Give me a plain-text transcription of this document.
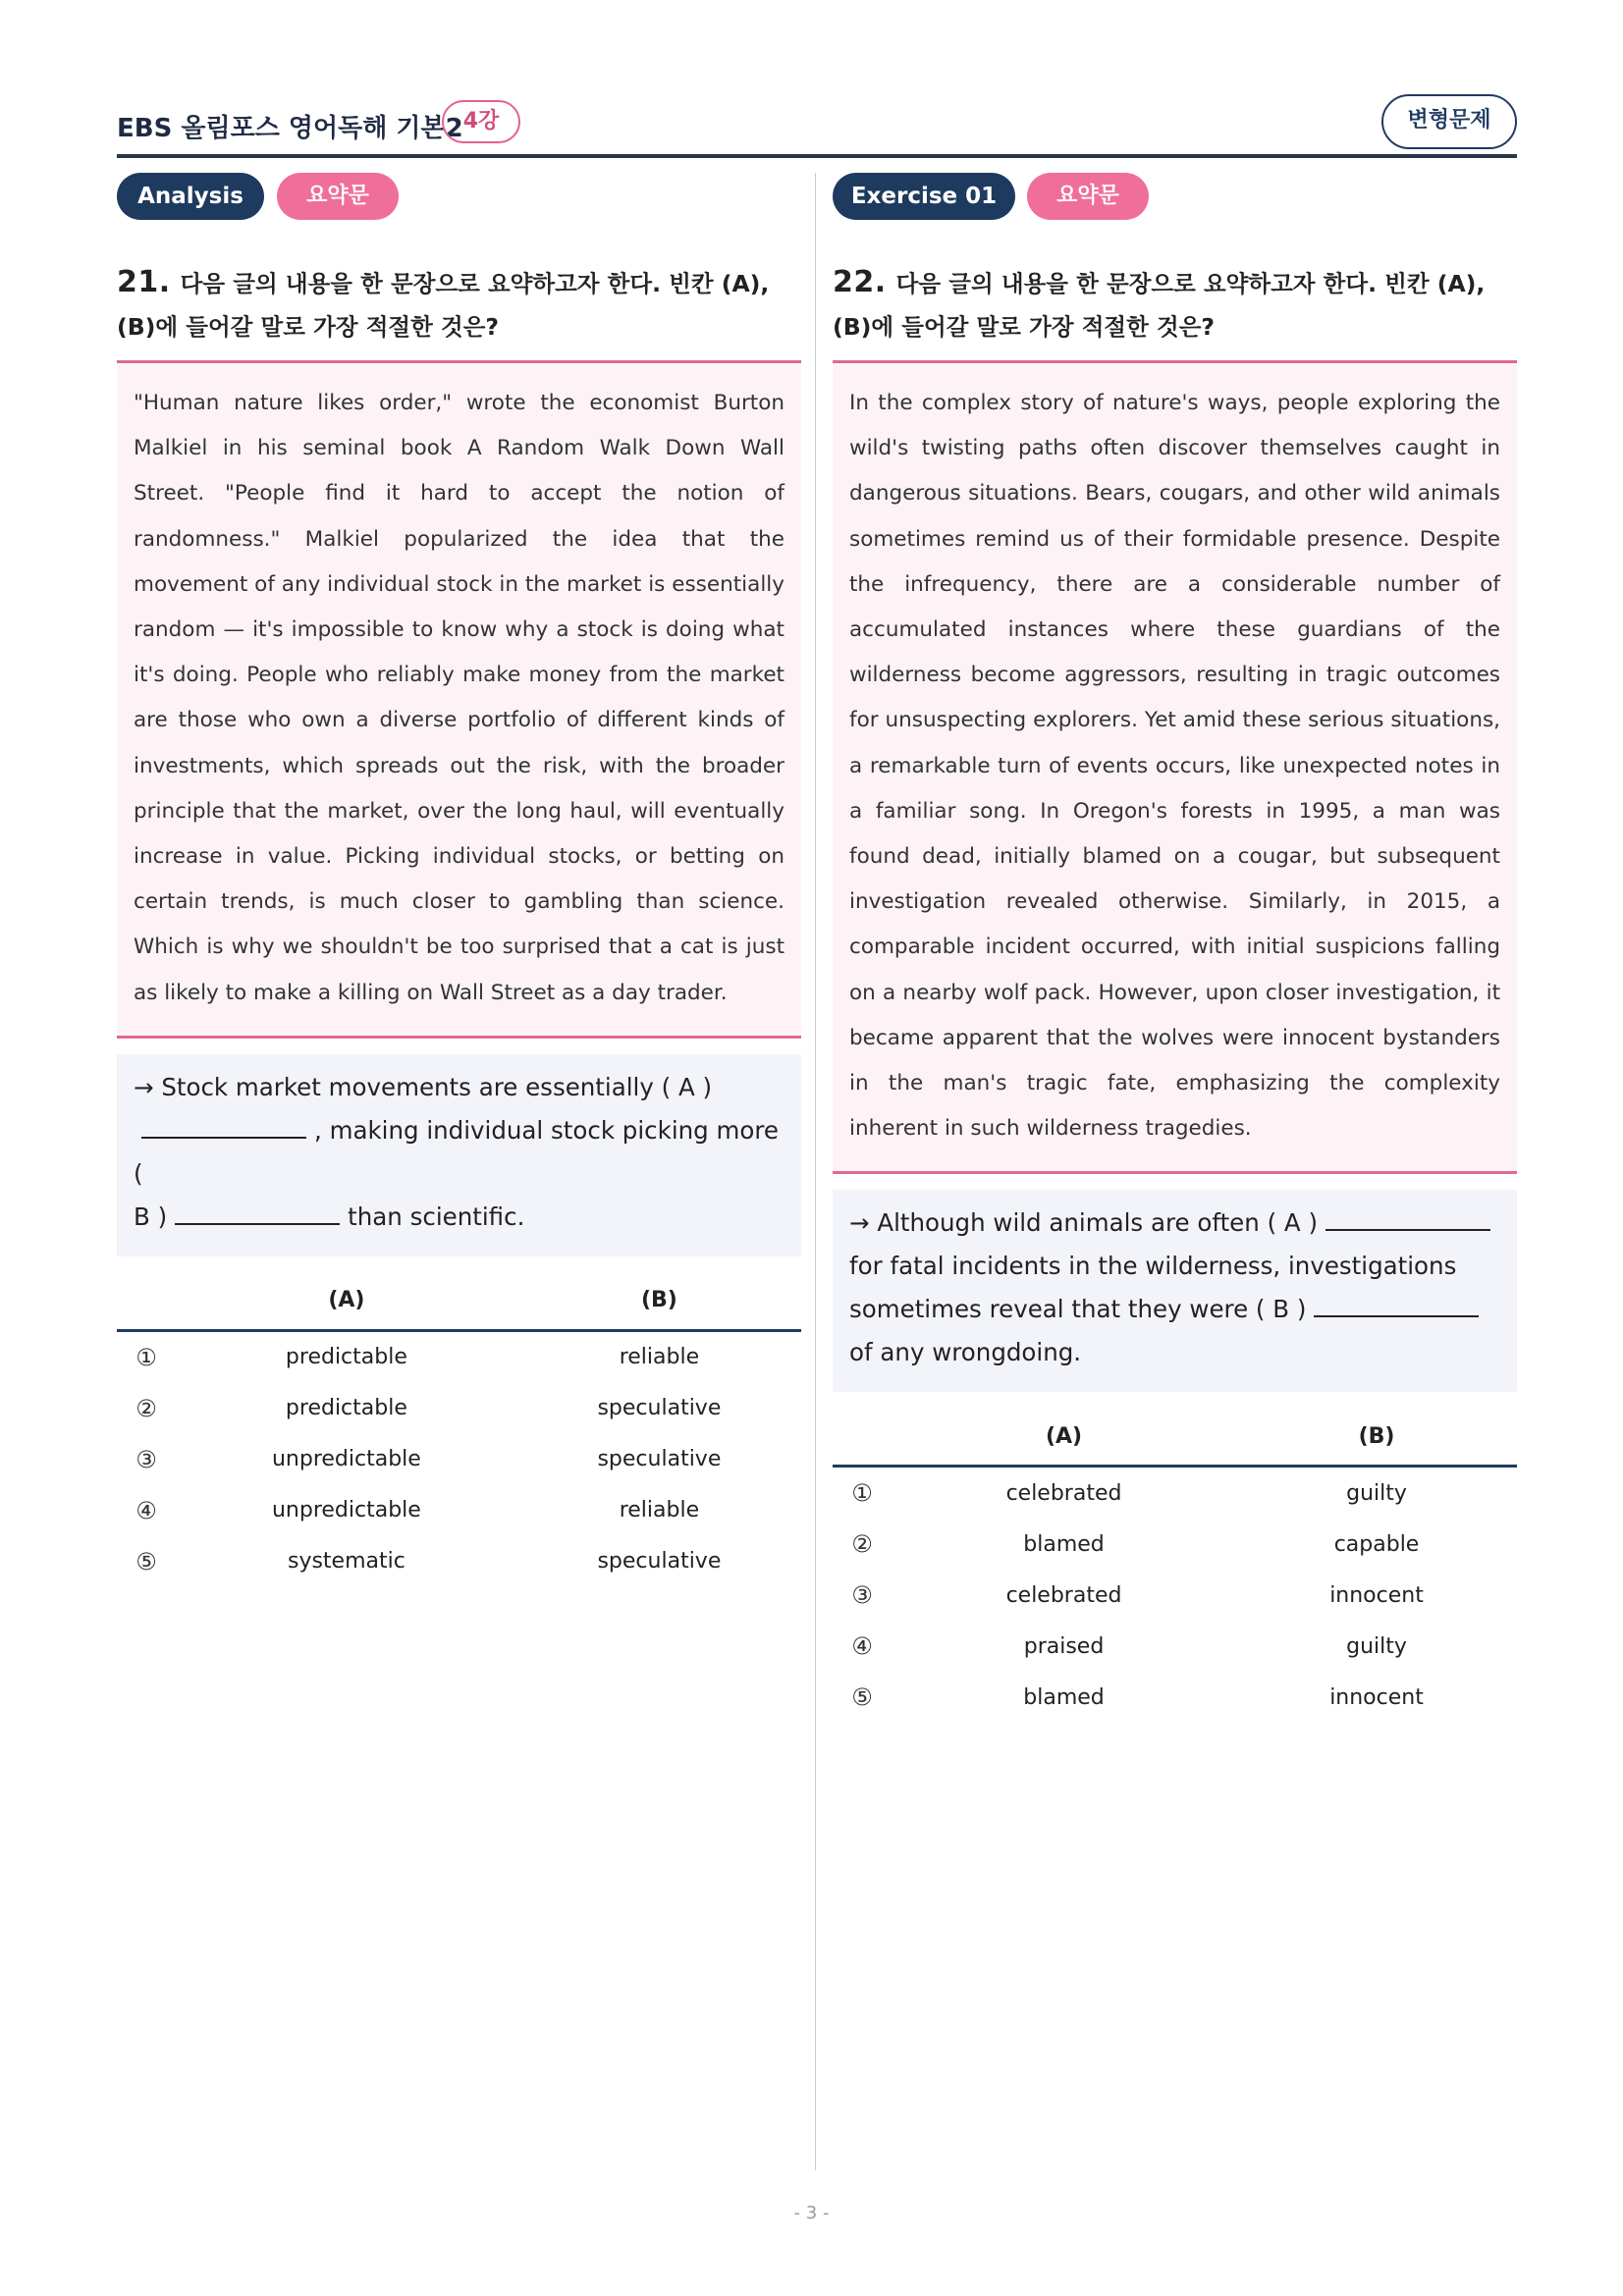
EBS 올림포스 영어독해 기본2 4강	변형문제
Analysis	요약문
21. 다음 글의 내용을 한 문장으로 요약하고자 한다. 빈칸 (A), (B)에 들어갈 말로 가장 적절한 것은?
"Human nature likes order," wrote the economist Burton Malkiel in his seminal book A Random Walk Down Wall Street. "People find it hard to accept the notion of randomness." Malkiel popularized the idea that the movement of any individual stock in the market is essentially random — it's impossible to know why a stock is doing what it's doing. People who reliably make money from the market are those who own a diverse portfolio of different kinds of investments, which spreads out the risk, with the broader principle that the market, over the long haul, will eventually increase in value. Picking individual stocks, or betting on certain trends, is much closer to gambling than science. Which is why we shouldn't be too surprised that a cat is just as likely to make a killing on Wall Street as a day trader.
→ Stock market movements are essentially ( A )
, making individual stock picking more (
B )	than scientific.
	(A)	(B)
①	predictable	reliable
②	predictable	speculative
③	unpredictable	speculative
④	unpredictable	reliable
⑤	systematic	speculative
Exercise 01	요약문
22. 다음 글의 내용을 한 문장으로 요약하고자 한다. 빈칸 (A), (B)에 들어갈 말로 가장 적절한 것은?
In the complex story of nature's ways, people exploring the wild's twisting paths often discover themselves caught in dangerous situations. Bears, cougars, and other wild animals sometimes remind us of their formidable presence. Despite the infrequency, there are a considerable number of accumulated instances where these guardians of the wilderness become aggressors, resulting in tragic outcomes for unsuspecting explorers. Yet amid these serious situations, a remarkable turn of events occurs, like unexpected notes in a familiar song. In Oregon's forests in 1995, a man was found dead, initially blamed on a cougar, but subsequent investigation revealed otherwise. Similarly, in 2015, a comparable incident occurred, with initial suspicions falling on a nearby wolf pack. However, upon closer investigation, it became apparent that the wolves were innocent bystanders in the man's tragic fate, emphasizing the complexity inherent in such wilderness tragedies.
→ Although wild animals are often ( A ) for fatal incidents in the wilderness, investigations sometimes reveal that they were ( B ) of any wrongdoing.
	(A)	(B)
①	celebrated	guilty
②	blamed	capable
③	celebrated	innocent
④	praised	guilty
⑤	blamed	innocent
- 3 -
